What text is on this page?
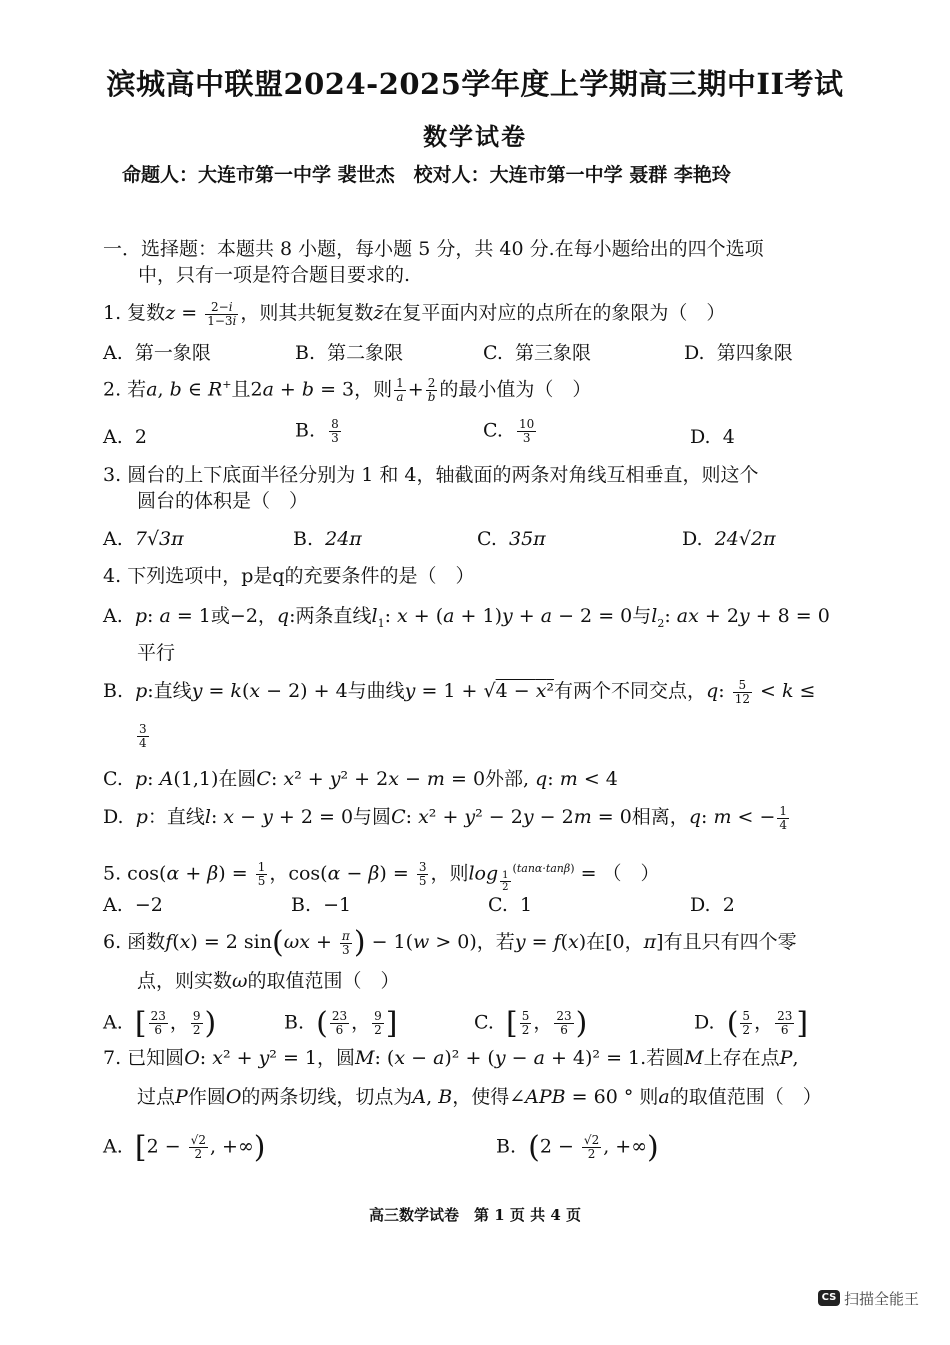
滨城高中联盟2024-2025学年度上学期高三期中II考试
数学试卷
命题人：大连市第一中学 裴世杰　校对人：大连市第一中学 聂群 李艳玲
一．选择题：本题共 8 小题，每小题 5 分，共 40 分.在每小题给出的四个选项
中，只有一项是符合题目要求的.
1. 复数$z = \frac{2-i}{1-3i}$ ，则其共轭复数z̄在复平面内对应的点所在的象限为（　）
A. 第一象限	B. 第二象限	C. 第三象限	D. 第四象限
2. 若a, b ∈ R+且2a + b = 3，则 $\frac{1}{a} + \frac{2}{b}$ 的最小值为（　）
A. 2	B. $\frac{8}{3}$	C. $\frac{10}{3}$	D. 4
3. 圆台的上下底面半径分别为 1 和 4，轴截面的两条对角线互相垂直，则这个
圆台的体积是（　）
A. 7√3π	B. 24π	C. 35π	D. 24√2π
4. 下列选项中，p是q的充要条件的是（　）
A. p: a = 1或−2，q:两条直线$l_1$: x + (a + 1)y + a − 2 = 0与$l_2$: ax + 2y + 8 = 0
平行
B. p:直线y = k(x − 2) + 4与曲线y = 1 + √4 − x²有两个不同交点，q: $\frac{5}{12} < k$ ≤
$\frac{3}{4}$
C. p: A(1,1)在圆C: x² + y² + 2x − m = 0外部, q: m < 4
D. p：直线l: x − y + 2 = 0与圆C: x² + y² − 2y − 2m = 0相离，q: m < − $\frac{1}{4}$
5. $\cos(\alpha + \beta) = \frac{1}{5}$ ，$\cos(\alpha - \beta) = \frac{3}{5}$ ，则log $_{\frac{1}{2}}$
$^{(tan\alpha\cdot tan\beta)}$ = （　）
A. −2	B. −1	C. 1	D. 2
6. 函数f(x) = 2 $\sin(\omega x + \frac{\pi}{3}$ ) − 1(w > 0)，若y = f(x)在[0，π]有且只有四个零
点，则实数ω的取值范围（　）
A. [ $\frac{23}{6}$ ， $\frac{9}{2}$ )	B. ( $\frac{23}{6}$ ， $\frac{9}{2}$ ]	C. [ $\frac{5}{2}$ ， $\frac{23}{6}$ )	D. ( $\frac{5}{2}$ ， $\frac{23}{6}$ ]
7. 已知圆O: x² + y² = 1，圆M: (x − a)² + (y − a + 4)² = 1.若圆M上存在点P,
过点P作圆O的两条切线，切点为A, B，使得∠APB = 60 ° 则a的取值范围（　）
A. [$2 - \frac{√2}{2}$ , +∞)	B. ($2 - \frac{√2}{2}$ , +∞)
高三数学试卷　第 1 页 共 4 页
CS 扫描全能王
